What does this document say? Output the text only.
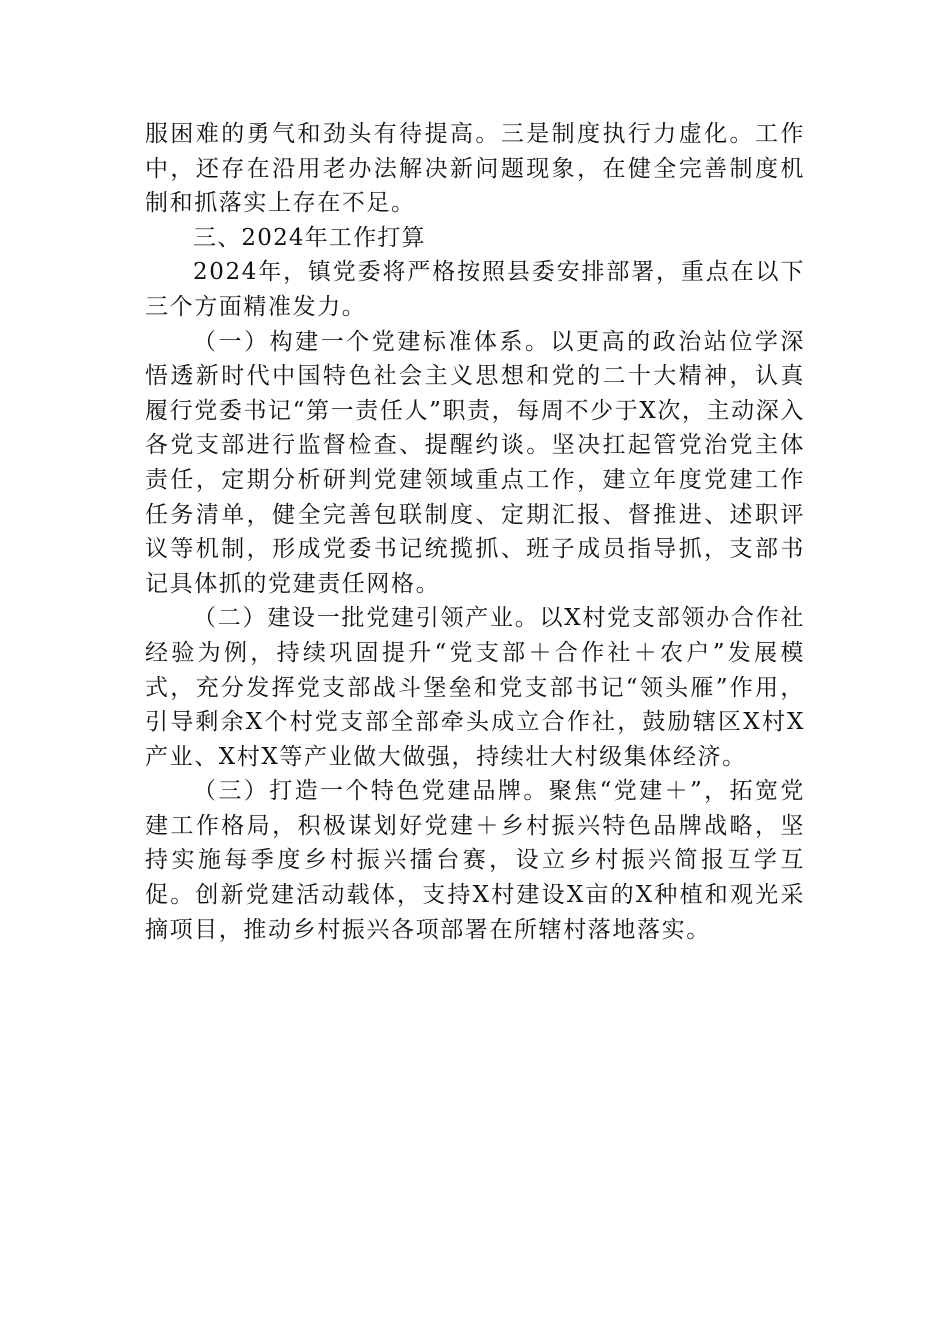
服困难的勇气和劲头有待提高。三是制度执行力虚化。工作中，还存在沿用老办法解决新问题现象，在健全完善制度机制和抓落实上存在不足。

三、2024年工作打算

2024年，镇党委将严格按照县委安排部署，重点在以下三个方面精准发力。

（一）构建一个党建标准体系。以更高的政治站位学深悟透新时代中国特色社会主义思想和党的二十大精神，认真履行党委书记“第一责任人”职责，每周不少于X次，主动深入各党支部进行监督检查、提醒约谈。坚决扛起管党治党主体责任，定期分析研判党建领域重点工作，建立年度党建工作任务清单，健全完善包联制度、定期汇报、督推进、述职评议等机制，形成党委书记统揽抓、班子成员指导抓，支部书记具体抓的党建责任网格。

（二）建设一批党建引领产业。以X村党支部领办合作社经验为例，持续巩固提升“党支部＋合作社＋农户”发展模式，充分发挥党支部战斗堡垒和党支部书记“领头雁”作用，引导剩余X个村党支部全部牵头成立合作社，鼓励辖区X村X产业、X村X等产业做大做强，持续壮大村级集体经济。

（三）打造一个特色党建品牌。聚焦“党建＋”，拓宽党建工作格局，积极谋划好党建＋乡村振兴特色品牌战略，坚持实施每季度乡村振兴擂台赛，设立乡村振兴简报互学互促。创新党建活动载体，支持X村建设X亩的X种植和观光采摘项目，推动乡村振兴各项部署在所辖村落地落实。
